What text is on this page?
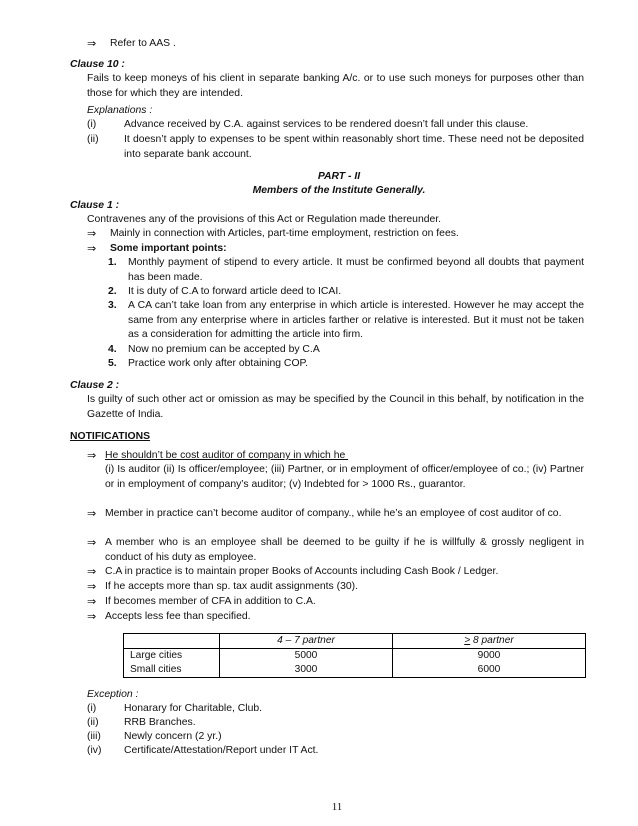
⇒ Refer to AAS .
Clause 10 :
Fails to keep moneys of his client in separate banking A/c. or to use such moneys for purposes other than those for which they are intended.
Explanations :
(i)	Advance received by C.A. against services to be rendered doesn’t fall under this clause.
(ii) It doesn’t apply to expenses to be spent within reasonably short time. These need not be deposited into separate bank account.
PART - II
Members of the Institute Generally.
Clause 1 :
Contravenes any of the provisions of this Act or Regulation made thereunder.
⇒ Mainly in connection with Articles, part-time employment, restriction on fees.
⇒ Some important points:
1. Monthly payment of stipend to every article. It must be confirmed beyond all doubts that payment has been made.
2. It is duty of C.A to forward article deed to ICAI.
3. A CA can’t take loan from any enterprise in which article is interested. However he may accept the same from any enterprise where in articles farther or relative is interested. But it must not be taken as a consideration for admitting the article into firm.
4. Now no premium can be accepted by C.A
5. Practice work only after obtaining COP.
Clause 2 :
Is guilty of such other act or omission as may be specified by the Council in this behalf, by notification in the Gazette of India.
NOTIFICATIONS
⇒ He shouldn’t be cost auditor of company in which he
(i) Is auditor (ii) Is officer/employee; (iii) Partner, or in employment of officer/employee of co.; (iv) Partner or in employment of company’s auditor; (v) Indebted for > 1000 Rs., guarantor.
⇒ Member in practice can’t become auditor of company., while he’s an employee of cost auditor of co.
⇒ A member who is an employee shall be deemed to be guilty if he is willfully & grossly negligent in conduct of his duty as employee.
⇒ C.A in practice is to maintain proper Books of Accounts including Cash Book / Ledger.
⇒ If he accepts more than sp. tax audit assignments (30).
⇒ If becomes member of CFA in addition to C.A.
⇒ Accepts less fee than specified.
	4 – 7 partner	> 8 partner
Large cities	5000	9000
Small cities	3000	6000
Exception :
(i)	Honarary for Charitable, Club.
(ii) RRB Branches.
(iii) Newly concern (2 yr.)
(iv) Certificate/Attestation/Report under IT Act.
11
